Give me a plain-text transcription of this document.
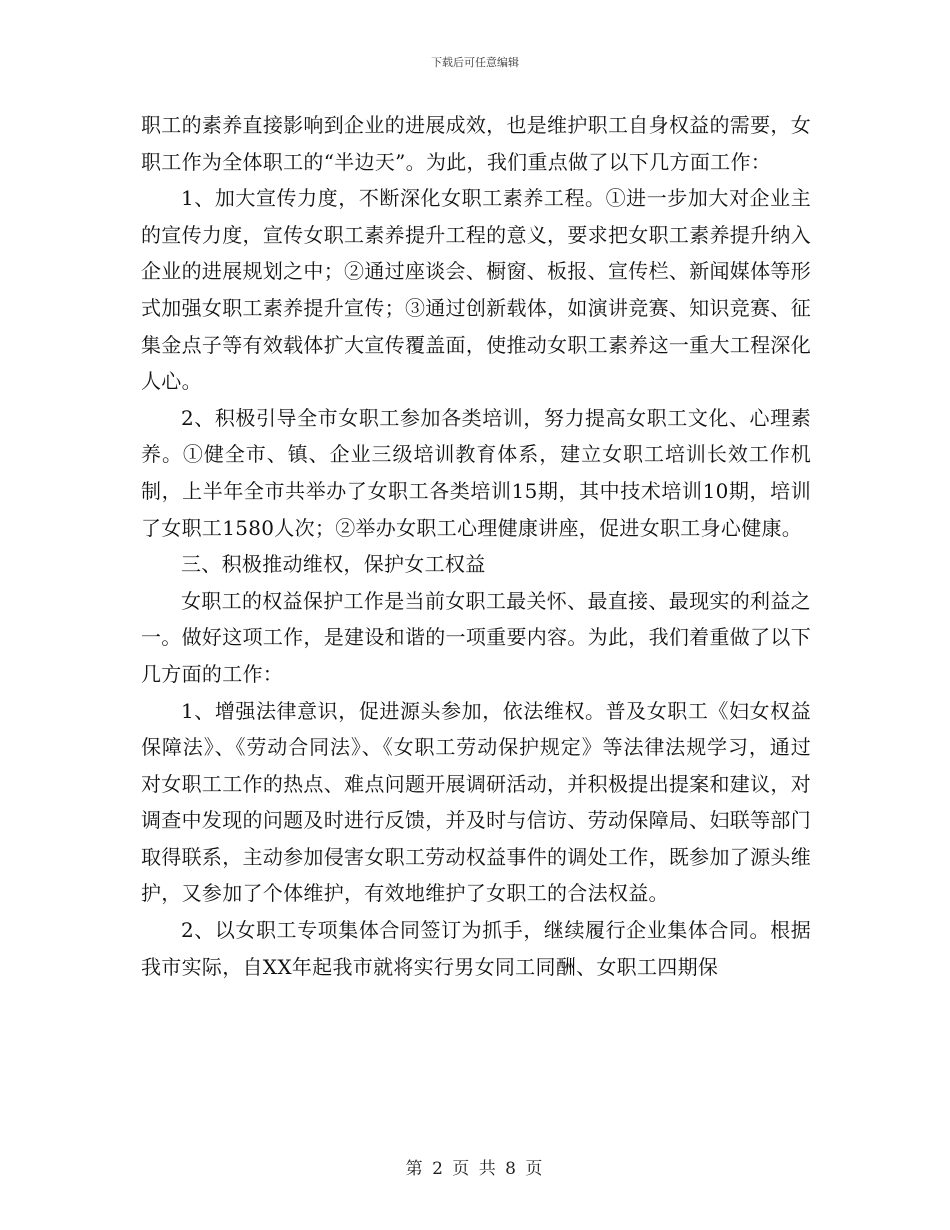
下载后可任意编辑

职工的素养直接影响到企业的进展成效，也是维护职工自身权益的需要，女职工作为全体职工的“半边天”。为此，我们重点做了以下几方面工作：

1、加大宣传力度，不断深化女职工素养工程。①进一步加大对企业主的宣传力度，宣传女职工素养提升工程的意义，要求把女职工素养提升纳入企业的进展规划之中；②通过座谈会、橱窗、板报、宣传栏、新闻媒体等形式加强女职工素养提升宣传；③通过创新载体，如演讲竞赛、知识竞赛、征集金点子等有效载体扩大宣传覆盖面，使推动女职工素养这一重大工程深化人心。

2、积极引导全市女职工参加各类培训，努力提高女职工文化、心理素养。①健全市、镇、企业三级培训教育体系，建立女职工培训长效工作机制，上半年全市共举办了女职工各类培训15期，其中技术培训10期，培训了女职工1580人次；②举办女职工心理健康讲座，促进女职工身心健康。

三、积极推动维权，保护女工权益

女职工的权益保护工作是当前女职工最关怀、最直接、最现实的利益之一。做好这项工作，是建设和谐的一项重要内容。为此，我们着重做了以下几方面的工作：

1、增强法律意识，促进源头参加，依法维权。普及女职工《妇女权益保障法》、《劳动合同法》、《女职工劳动保护规定》等法律法规学习，通过对女职工工作的热点、难点问题开展调研活动，并积极提出提案和建议，对调查中发现的问题及时进行反馈，并及时与信访、劳动保障局、妇联等部门取得联系，主动参加侵害女职工劳动权益事件的调处工作，既参加了源头维护，又参加了个体维护，有效地维护了女职工的合法权益。

2、以女职工专项集体合同签订为抓手，继续履行企业集体合同。根据我市实际，自XX年起我市就将实行男女同工同酬、女职工四期保

第 2 页 共 8 页
